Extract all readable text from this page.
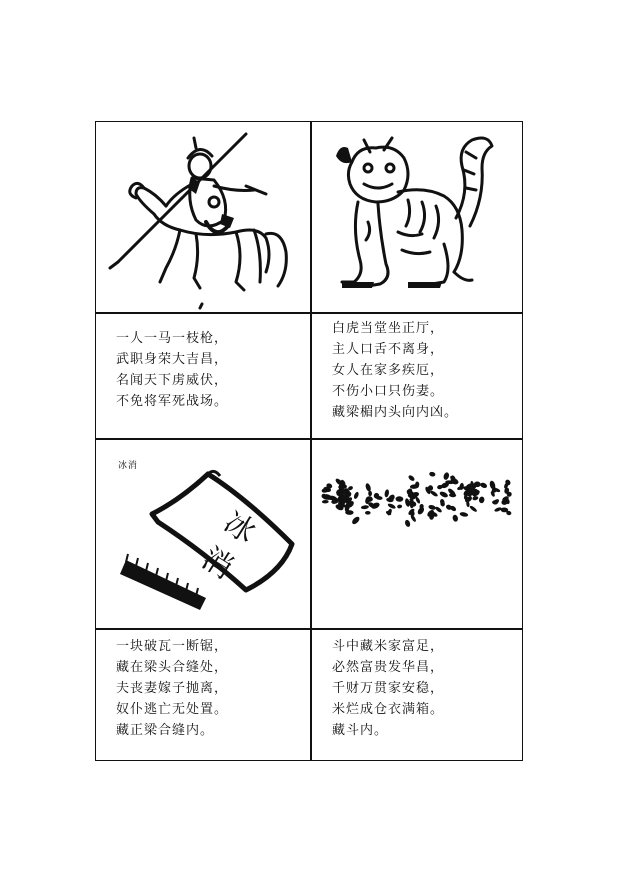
一人一马一枝枪，
武职身荣大吉昌，
名闻天下虏威伏，
不免将军死战场。
白虎当堂坐正厅，
主人口舌不离身，
女人在家多疾厄，
不伤小口只伤妻。
藏梁楣内头向内凶。
冰消
冰消
一块破瓦一断锯，
藏在梁头合缝处，
夫丧妻嫁子抛离，
奴仆逃亡无处置。
藏正梁合缝内。
斗中藏米家富足，
必然富贵发华昌，
千财万贯家安稳，
米烂成仓衣满箱。
藏斗内。
